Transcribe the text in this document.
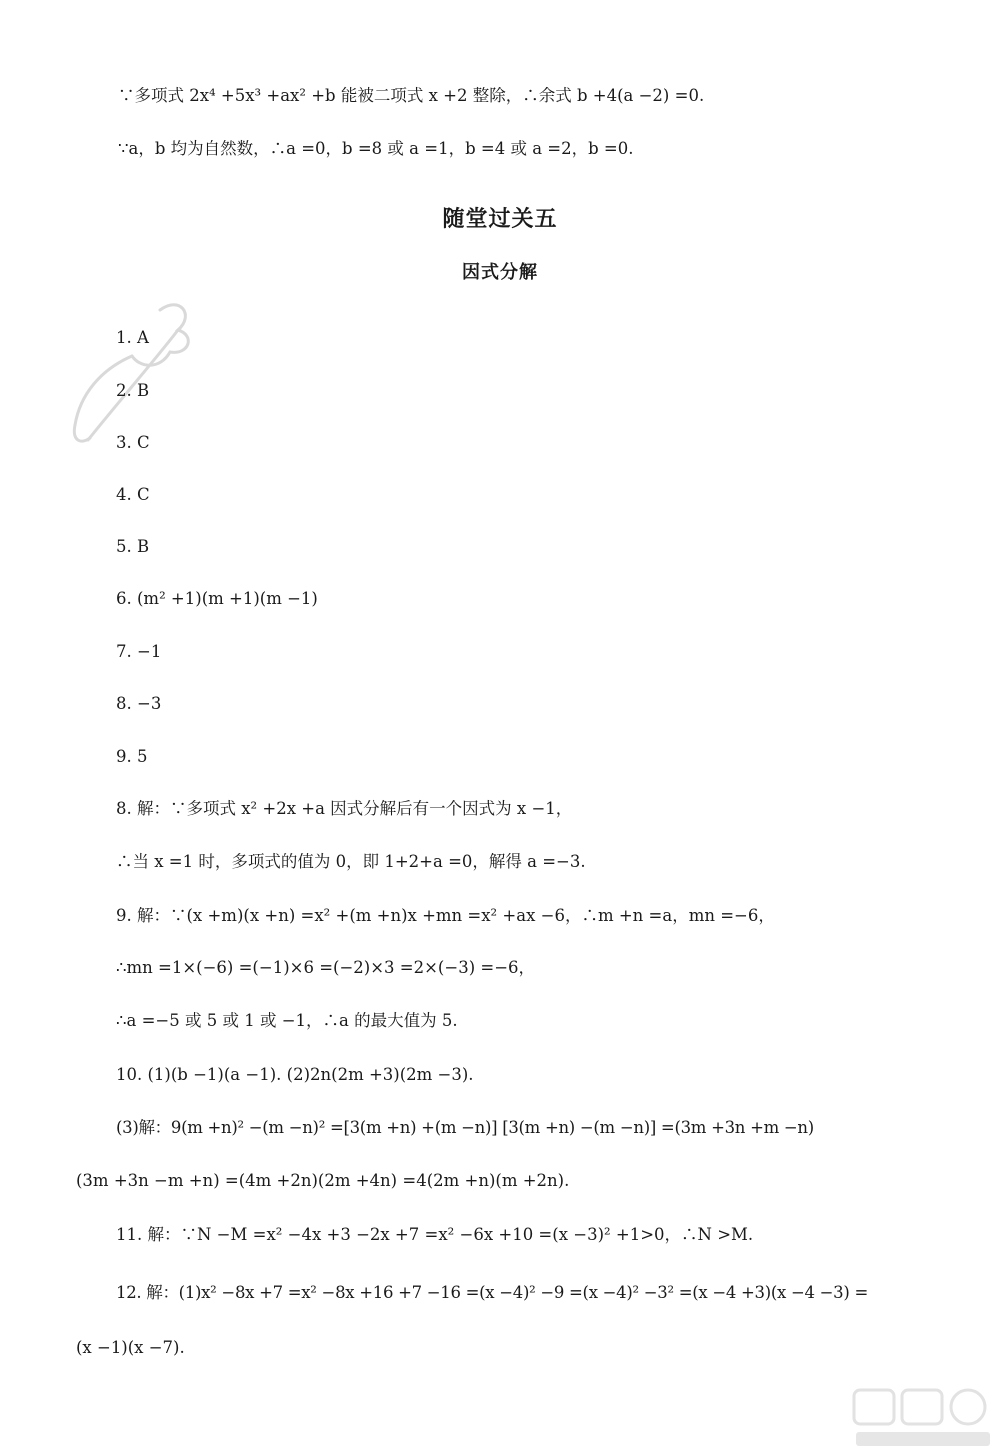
∵多项式 2x⁴ +5x³ +ax² +b 能被二项式 x +2 整除，∴余式 b +4(a −2) =0.
∵a，b 均为自然数，∴a =0，b =8 或 a =1，b =4 或 a =2，b =0.
随堂过关五
因式分解
1. A
2. B
3. C
4. C
5. B
6. (m² +1)(m +1)(m −1)
7. −1
8. −3
9. 5
8. 解：∵多项式 x² +2x +a 因式分解后有一个因式为 x −1，
∴当 x =1 时，多项式的值为 0，即 1+2+a =0，解得 a =−3.
9. 解：∵(x +m)(x +n) =x² +(m +n)x +mn =x² +ax −6，∴m +n =a，mn =−6，
∴mn =1×(−6) =(−1)×6 =(−2)×3 =2×(−3) =−6，
∴a =−5 或 5 或 1 或 −1，∴a 的最大值为 5.
10. (1)(b −1)(a −1). (2)2n(2m +3)(2m −3).
(3)解：9(m +n)² −(m −n)² =[3(m +n) +(m −n)] [3(m +n) −(m −n)] =(3m +3n +m −n)
(3m +3n −m +n) =(4m +2n)(2m +4n) =4(2m +n)(m +2n).
11. 解：∵N −M =x² −4x +3 −2x +7 =x² −6x +10 =(x −3)² +1>0，∴N >M.
12. 解：(1)x² −8x +7 =x² −8x +16 +7 −16 =(x −4)² −9 =(x −4)² −3² =(x −4 +3)(x −4 −3) =
(x −1)(x −7).
